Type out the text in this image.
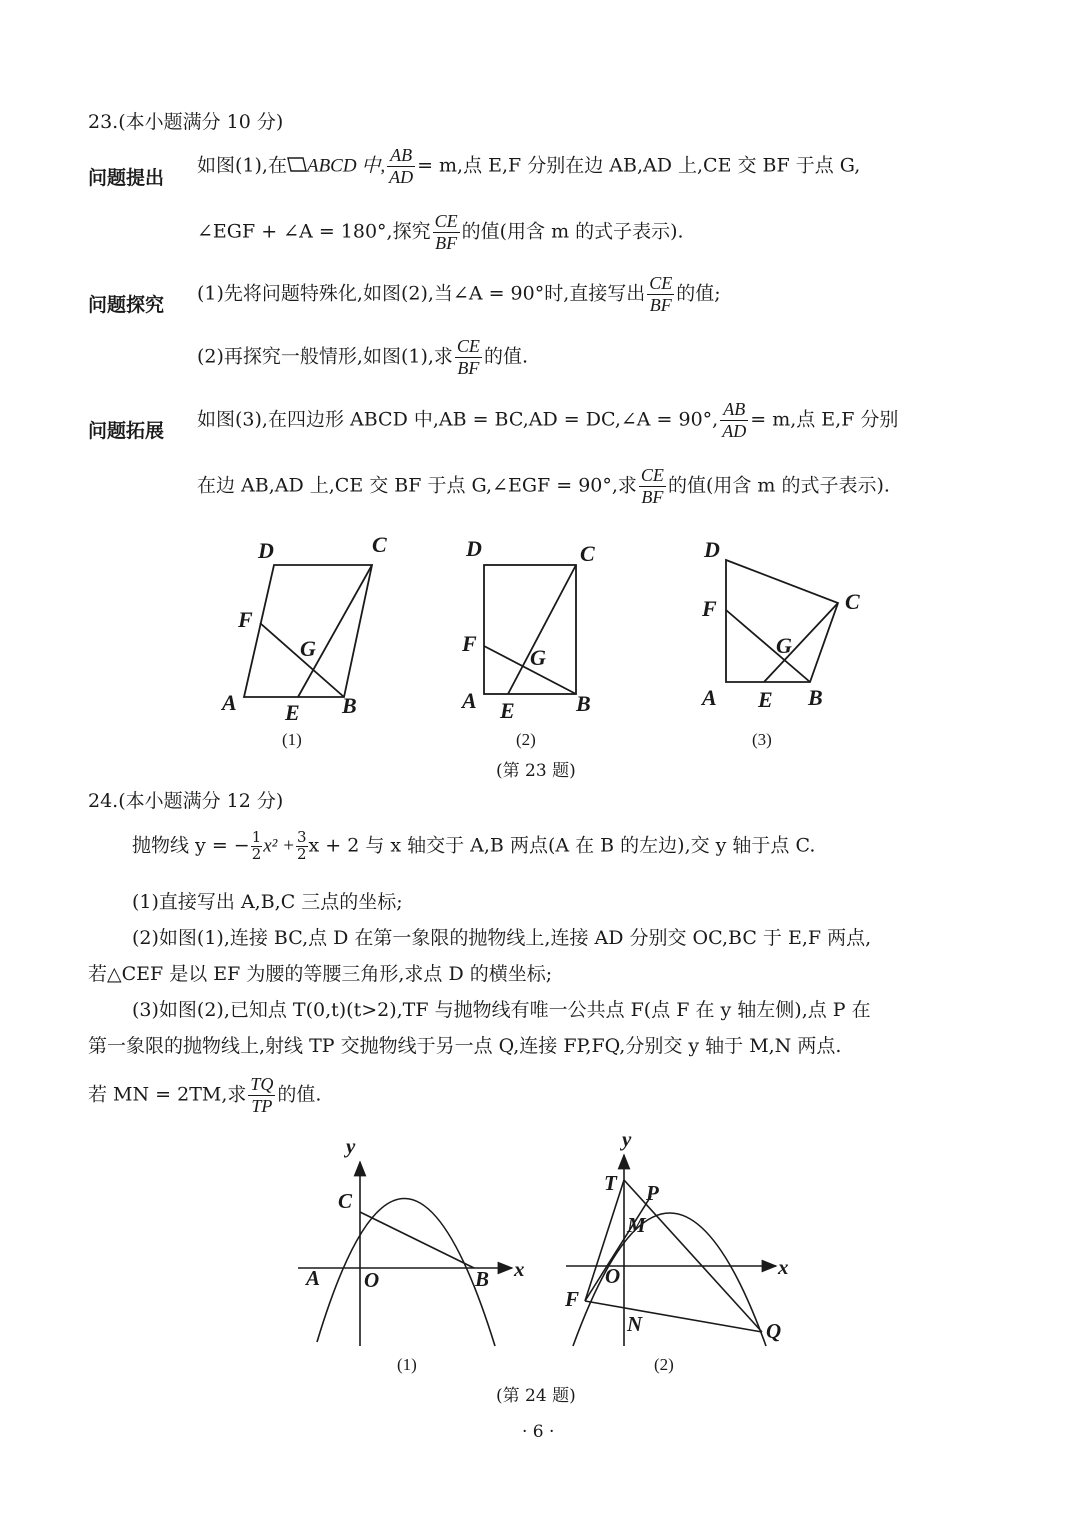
23.(本小题满分 10 分)
问题提出
如图(1),在 ABCD 中, $\frac{AB}{AD} = m$,点 E,F 分别在边 AB,AD 上,CE 交 BF 于点 G,
∠EGF + ∠A = 180°,探究 $\frac{CE}{BF}$ 的值(用含 m 的式子表示).
问题探究
(1)先将问题特殊化,如图(2),当∠A = 90°时,直接写出 $\frac{CE}{BF}$ 的值;
(2)再探究一般情形,如图(1),求 $\frac{CE}{BF}$ 的值.
问题拓展
如图(3),在四边形 ABCD 中,AB = BC,AD = DC,∠A = 90°, $\frac{AB}{AD} = m$,点 E,F 分别
在边 AB,AD 上,CE 交 BF 于点 G,∠EGF = 90°,求 $\frac{CE}{BF}$ 的值(用含 m 的式子表示).
D	C
F
G
A E B
D	C
F
G
A E	B
D
C
F
G
A E B
(1)	(2)	(3)
(第 23 题)
24.(本小题满分 12 分)
抛物线 y = − $\frac{1}{2} x^2 + \frac{3}{2}$ x + 2 与 x 轴交于 A,B 两点(A 在 B 的左边),交 y 轴于点 C.
(1)直接写出 A,B,C 三点的坐标;
(2)如图(1),连接 BC,点 D 在第一象限的抛物线上,连接 AD 分别交 OC,BC 于 E,F 两点,
若△CEF 是以 EF 为腰的等腰三角形,求点 D 的横坐标;
(3)如图(2),已知点 T(0,t)(t>2),TF 与抛物线有唯一公共点 F(点 F 在 y 轴左侧),点 P 在
第一象限的抛物线上,射线 TP 交抛物线于另一点 Q,连接 FP,FQ,分别交 y 轴于 M,N 两点.
若 MN = 2TM,求 $\frac{TQ}{TP}$ 的值.
y
x
C
A O	B
y
x
T P
M
O
F
N	Q
(1)	(2)
(第 24 题)
· 6 ·
